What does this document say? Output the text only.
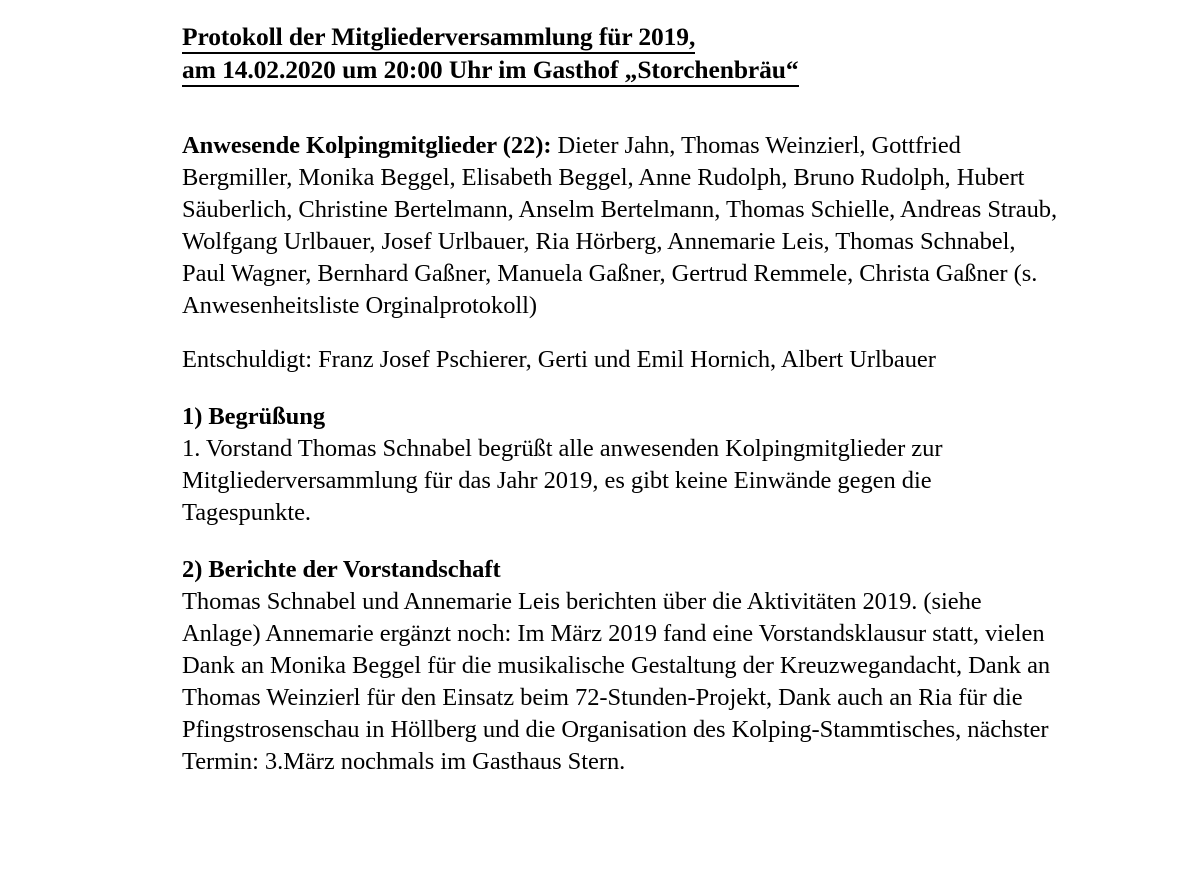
Protokoll der Mitgliederversammlung für 2019,
am 14.02.2020 um 20:00 Uhr im Gasthof „Storchenbräu“

Anwesende Kolpingmitglieder (22): Dieter Jahn, Thomas Weinzierl, Gottfried Bergmiller, Monika Beggel, Elisabeth Beggel, Anne Rudolph, Bruno Rudolph, Hubert Säuberlich, Christine Bertelmann, Anselm Bertelmann, Thomas Schielle, Andreas Straub, Wolfgang Urlbauer, Josef Urlbauer, Ria Hörberg, Annemarie Leis, Thomas Schnabel, Paul Wagner, Bernhard Gaßner, Manuela Gaßner, Gertrud Remmele, Christa Gaßner (s. Anwesenheitsliste Orginalprotokoll)

Entschuldigt: Franz Josef Pschierer, Gerti und Emil Hornich, Albert Urlbauer

1) Begrüßung

1. Vorstand Thomas Schnabel begrüßt alle anwesenden Kolpingmitglieder zur Mitgliederversammlung für das Jahr 2019, es gibt keine Einwände gegen die Tagespunkte.

2) Berichte der Vorstandschaft

Thomas Schnabel und Annemarie Leis berichten über die Aktivitäten 2019. (siehe Anlage) Annemarie ergänzt noch: Im März 2019 fand eine Vorstandsklausur statt, vielen Dank an Monika Beggel für die musikalische Gestaltung der Kreuzwegandacht, Dank an Thomas Weinzierl für den Einsatz beim 72-Stunden-Projekt, Dank auch an Ria für die Pfingstrosenschau in Höllberg und die Organisation des Kolping-Stammtisches, nächster Termin: 3.März nochmals im Gasthaus Stern.
